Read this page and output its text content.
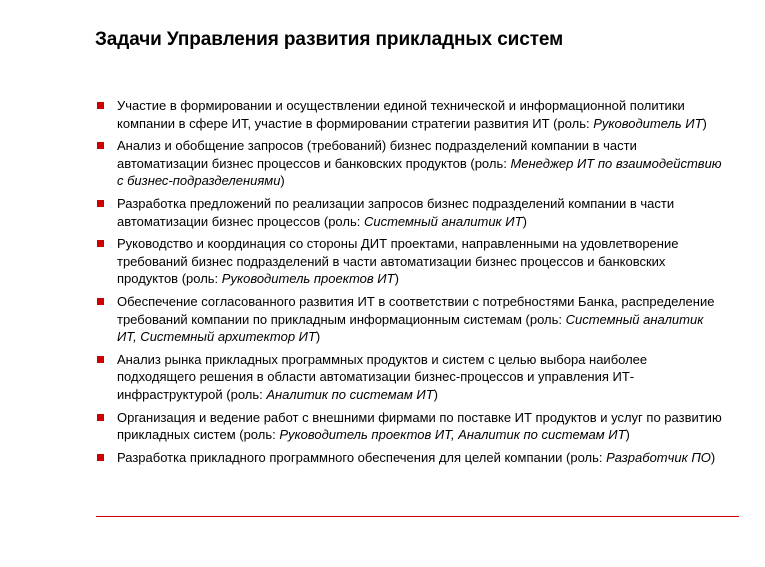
Задачи Управления развития прикладных систем
Участие в формировании и осуществлении единой технической и информационной политики компании в сфере ИТ, участие в формировании стратегии развития ИТ (роль: Руководитель ИТ)
Анализ и обобщение запросов (требований) бизнес подразделений компании в части автоматизации бизнес процессов и банковских продуктов (роль: Менеджер ИТ по взаимодействию с бизнес-подразделениями)
Разработка предложений по реализации запросов бизнес подразделений компании в части автоматизации бизнес процессов (роль: Системный аналитик ИТ)
Руководство и координация со стороны ДИТ проектами, направленными на удовлетворение требований бизнес подразделений в части автоматизации бизнес процессов и банковских продуктов (роль: Руководитель проектов ИТ)
Обеспечение согласованного развития ИТ в соответствии с потребностями Банка, распределение требований компании по прикладным информационным системам (роль: Системный аналитик ИТ, Системный архитектор ИТ)
Анализ рынка прикладных программных продуктов и систем с целью выбора наиболее подходящего решения в области автоматизации бизнес-процессов и управления ИТ-инфраструктурой (роль: Аналитик по системам ИТ)
Организация и ведение работ с внешними фирмами по поставке ИТ продуктов и услуг по развитию прикладных систем (роль: Руководитель проектов ИТ, Аналитик по системам ИТ)
Разработка прикладного программного обеспечения для целей компании (роль: Разработчик ПО)
